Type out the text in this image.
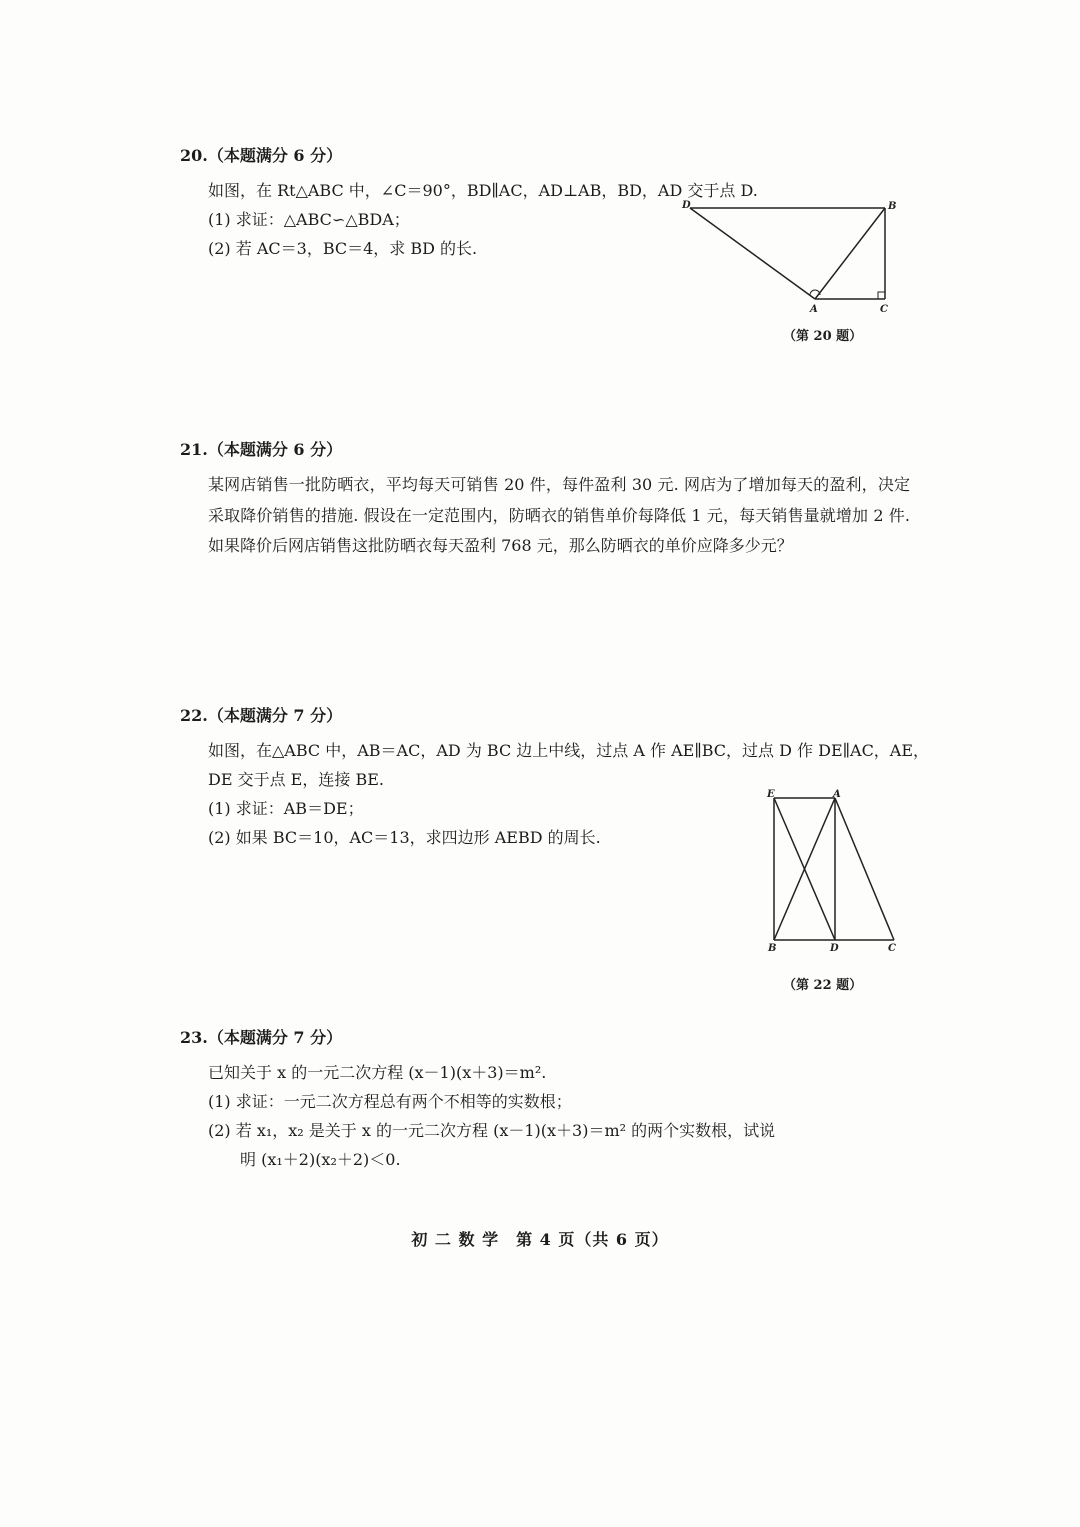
20.（本题满分 6 分）
如图，在 Rt△ABC 中，∠C＝90°，BD∥AC，AD⊥AB，BD，AD 交于点 D.
(1) 求证：△ABC∽△BDA；
(2) 若 AC＝3，BC＝4，求 BD 的长.
D	B
A	C
（第 20 题）
21.（本题满分 6 分）
某网店销售一批防晒衣，平均每天可销售 20 件，每件盈利 30 元. 网店为了增加每天的盈利，决定采取降价销售的措施. 假设在一定范围内，防晒衣的销售单价每降低 1 元，每天销售量就增加 2 件. 如果降价后网店销售这批防晒衣每天盈利 768 元，那么防晒衣的单价应降多少元？
22.（本题满分 7 分）
如图，在△ABC 中，AB＝AC，AD 为 BC 边上中线，过点 A 作 AE∥BC，过点 D 作 DE∥AC，AE，
DE 交于点 E，连接 BE.
(1) 求证：AB＝DE；
(2) 如果 BC＝10，AC＝13，求四边形 AEBD 的周长.
E	A
B	D	C
（第 22 题）
23.（本题满分 7 分）
已知关于 x 的一元二次方程 (x－1)(x＋3)＝m².
(1) 求证：一元二次方程总有两个不相等的实数根；
(2) 若 x₁，x₂ 是关于 x 的一元二次方程 (x－1)(x＋3)＝m² 的两个实数根，试说
明 (x₁＋2)(x₂＋2)＜0.
初 二 数 学　第 4 页（共 6 页）
